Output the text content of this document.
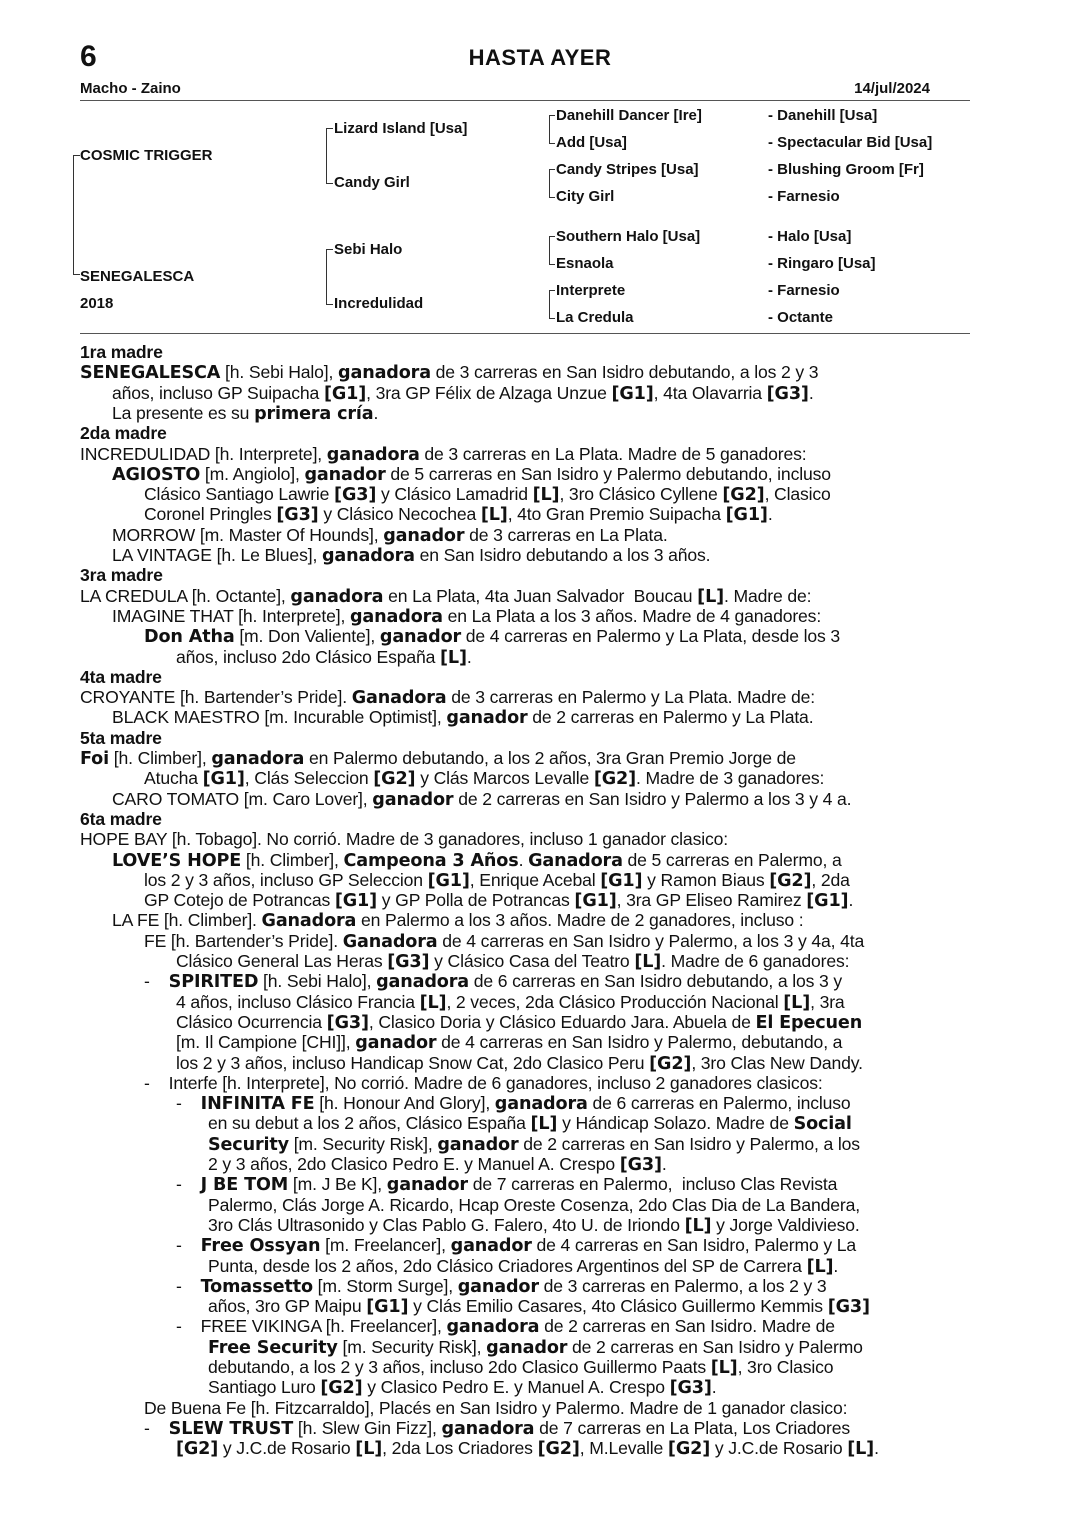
6	HASTA AYER
Macho - Zaino	14/jul/2024
COSMIC TRIGGER
SENEGALESCA
2018
Lizard Island [Usa]
Candy Girl
Sebi Halo
Incredulidad
Danehill Dancer [Ire]
Add [Usa]
Candy Stripes [Usa]
City Girl
Southern Halo [Usa]
Esnaola
Interprete
La Credula
- Danehill [Usa]
- Spectacular Bid [Usa]
- Blushing Groom [Fr]
- Farnesio
- Halo [Usa]
- Ringaro [Usa]
- Farnesio
- Octante
1ra madre
SENEGALESCA [h. Sebi Halo], ganadora de 3 carreras en San Isidro debutando, a los 2 y 3
años, incluso GP Suipacha [G1], 3ra GP Félix de Alzaga Unzue [G1], 4ta Olavarria [G3].
La presente es su primera cría.
2da madre
INCREDULIDAD [h. Interprete], ganadora de 3 carreras en La Plata. Madre de 5 ganadores:
AGIOSTO [m. Angiolo], ganador de 5 carreras en San Isidro y Palermo debutando, incluso
Clásico Santiago Lawrie [G3] y Clásico Lamadrid [L], 3ro Clásico Cyllene [G2], Clasico
Coronel Pringles [G3] y Clásico Necochea [L], 4to Gran Premio Suipacha [G1].
MORROW [m. Master Of Hounds], ganador de 3 carreras en La Plata.
LA VINTAGE [h. Le Blues], ganadora en San Isidro debutando a los 3 años.
3ra madre
LA CREDULA [h. Octante], ganadora en La Plata, 4ta Juan Salvador  Boucau [L]. Madre de:
IMAGINE THAT [h. Interprete], ganadora en La Plata a los 3 años. Madre de 4 ganadores:
Don Atha [m. Don Valiente], ganador de 4 carreras en Palermo y La Plata, desde los 3
años, incluso 2do Clásico España [L].
4ta madre
CROYANTE [h. Bartender’s Pride]. Ganadora de 3 carreras en Palermo y La Plata. Madre de:
BLACK MAESTRO [m. Incurable Optimist], ganador de 2 carreras en Palermo y La Plata.
5ta madre
Foi [h. Climber], ganadora en Palermo debutando, a los 2 años, 3ra Gran Premio Jorge de
Atucha [G1], Clás Seleccion [G2] y Clás Marcos Levalle [G2]. Madre de 3 ganadores:
CARO TOMATO [m. Caro Lover], ganador de 2 carreras en San Isidro y Palermo a los 3 y 4 a.
6ta madre
HOPE BAY [h. Tobago]. No corrió. Madre de 3 ganadores, incluso 1 ganador clasico:
LOVE’S HOPE [h. Climber], Campeona 3 Años. Ganadora de 5 carreras en Palermo, a
los 2 y 3 años, incluso GP Seleccion [G1], Enrique Acebal [G1] y Ramon Biaus [G2], 2da
GP Cotejo de Potrancas [G1] y GP Polla de Potrancas [G1], 3ra GP Eliseo Ramirez [G1].
LA FE [h. Climber]. Ganadora en Palermo a los 3 años. Madre de 2 ganadores, incluso :
FE [h. Bartender’s Pride]. Ganadora de 4 carreras en San Isidro y Palermo, a los 3 y 4a, 4ta
Clásico General Las Heras [G3] y Clásico Casa del Teatro [L]. Madre de 6 ganadores:
-    SPIRITED [h. Sebi Halo], ganadora de 6 carreras en San Isidro debutando, a los 3 y
4 años, incluso Clásico Francia [L], 2 veces, 2da Clásico Producción Nacional [L], 3ra
Clásico Ocurrencia [G3], Clasico Doria y Clásico Eduardo Jara. Abuela de El Epecuen
[m. Il Campione [CHI]], ganador de 4 carreras en San Isidro y Palermo, debutando, a
los 2 y 3 años, incluso Handicap Snow Cat, 2do Clasico Peru [G2], 3ro Clas New Dandy.
-    Interfe [h. Interprete], No corrió. Madre de 6 ganadores, incluso 2 ganadores clasicos:
-    INFINITA FE [h. Honour And Glory], ganadora de 6 carreras en Palermo, incluso
en su debut a los 2 años, Clásico España [L] y Hándicap Solazo. Madre de Social
Security [m. Security Risk], ganador de 2 carreras en San Isidro y Palermo, a los
2 y 3 años, 2do Clasico Pedro E. y Manuel A. Crespo [G3].
-    J BE TOM [m. J Be K], ganador de 7 carreras en Palermo,  incluso Clas Revista
Palermo, Clás Jorge A. Ricardo, Hcap Oreste Cosenza, 2do Clas Dia de La Bandera,
3ro Clás Ultrasonido y Clas Pablo G. Falero, 4to U. de Iriondo [L] y Jorge Valdivieso.
-    Free Ossyan [m. Freelancer], ganador de 4 carreras en San Isidro, Palermo y La
Punta, desde los 2 años, 2do Clásico Criadores Argentinos del SP de Carrera [L].
-    Tomassetto [m. Storm Surge], ganador de 3 carreras en Palermo, a los 2 y 3
años, 3ro GP Maipu [G1] y Clás Emilio Casares, 4to Clásico Guillermo Kemmis [G3]
-    FREE VIKINGA [h. Freelancer], ganadora de 2 carreras en San Isidro. Madre de
Free Security [m. Security Risk], ganador de 2 carreras en San Isidro y Palermo
debutando, a los 2 y 3 años, incluso 2do Clasico Guillermo Paats [L], 3ro Clasico
Santiago Luro [G2] y Clasico Pedro E. y Manuel A. Crespo [G3].
De Buena Fe [h. Fitzcarraldo], Placés en San Isidro y Palermo. Madre de 1 ganador clasico:
-    SLEW TRUST [h. Slew Gin Fizz], ganadora de 7 carreras en La Plata, Los Criadores
[G2] y J.C.de Rosario [L], 2da Los Criadores [G2], M.Levalle [G2] y J.C.de Rosario [L].
